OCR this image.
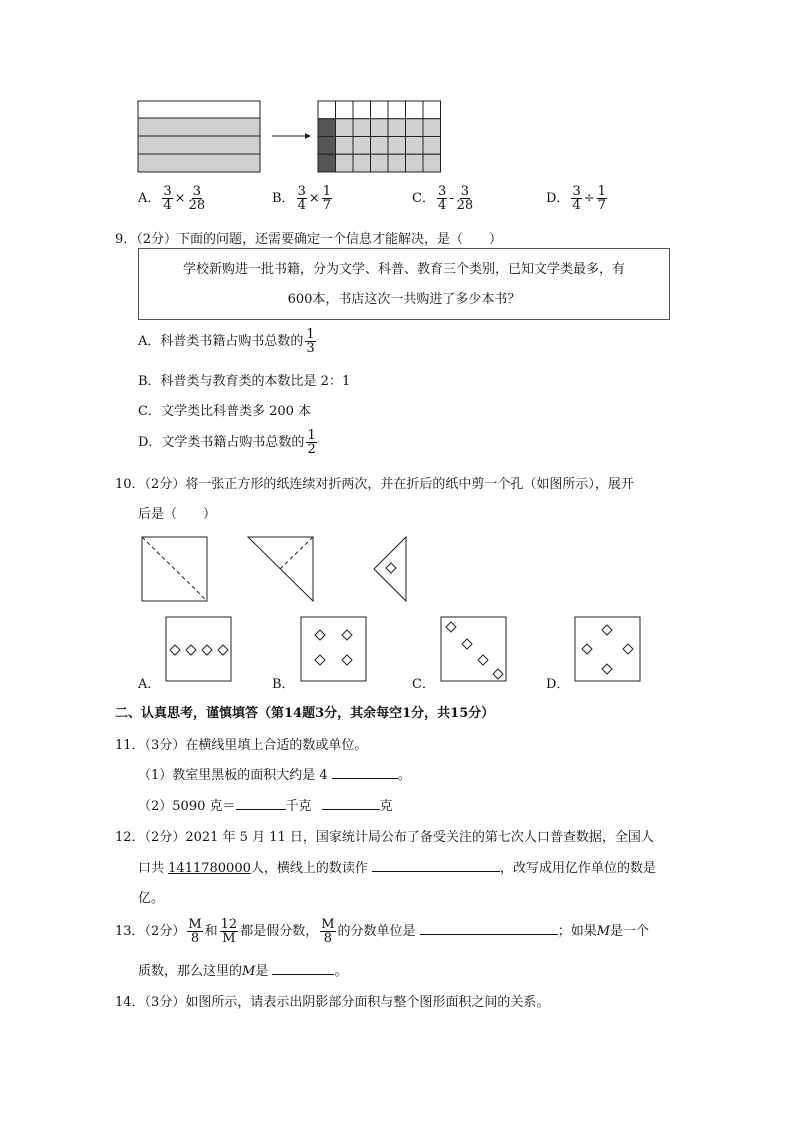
A． $\frac{3}{4} \times \frac{3}{28}$	B． $\frac{3}{4} \times \frac{1}{7}$	C． $\frac{3}{4} - \frac{3}{28}$	D． $\frac{3}{4} \div \frac{1}{7}$
9．（2分）下面的问题，还需要确定一个信息才能解决，是（　　）
学校新购进一批书籍，分为文学、科普、教育三个类别，已知文学类最多，有
600本，书店这次一共购进了多少本书？
A．科普类书籍占购书总数的 $\frac{1}{3}$
B．科普类与教育类的本数比是 2：1
C．文学类比科普类多 200 本
D．文学类书籍占购书总数的 $\frac{1}{2}$
10．（2分）将一张正方形的纸连续对折两次，并在折后的纸中剪一个孔（如图所示），展开
后是（　　）
A．	B．	C．	D．
二、认真思考，谨慎填答（第14题3分，其余每空1分，共15分）
11．（3分）在横线里填上合适的数或单位。
（1）教室里黑板的面积大约是 4	。
（2）5090 克＝	千克	克
12．（2分）2021 年 5 月 11 日，国家统计局公布了备受关注的第七次人口普查数据，全国人
口共 1411780000人，横线上的数读作	，改写成用亿作单位的数是
亿。
13．（2分） $\frac{M}{8}$ 和 $\frac{12}{M}$ 都是假分数， $\frac{M}{8}$ 的分数单位是	；如果M是一个
质数，那么这里的M是	。
14．（3分）如图所示，请表示出阴影部分面积与整个图形面积之间的关系。
